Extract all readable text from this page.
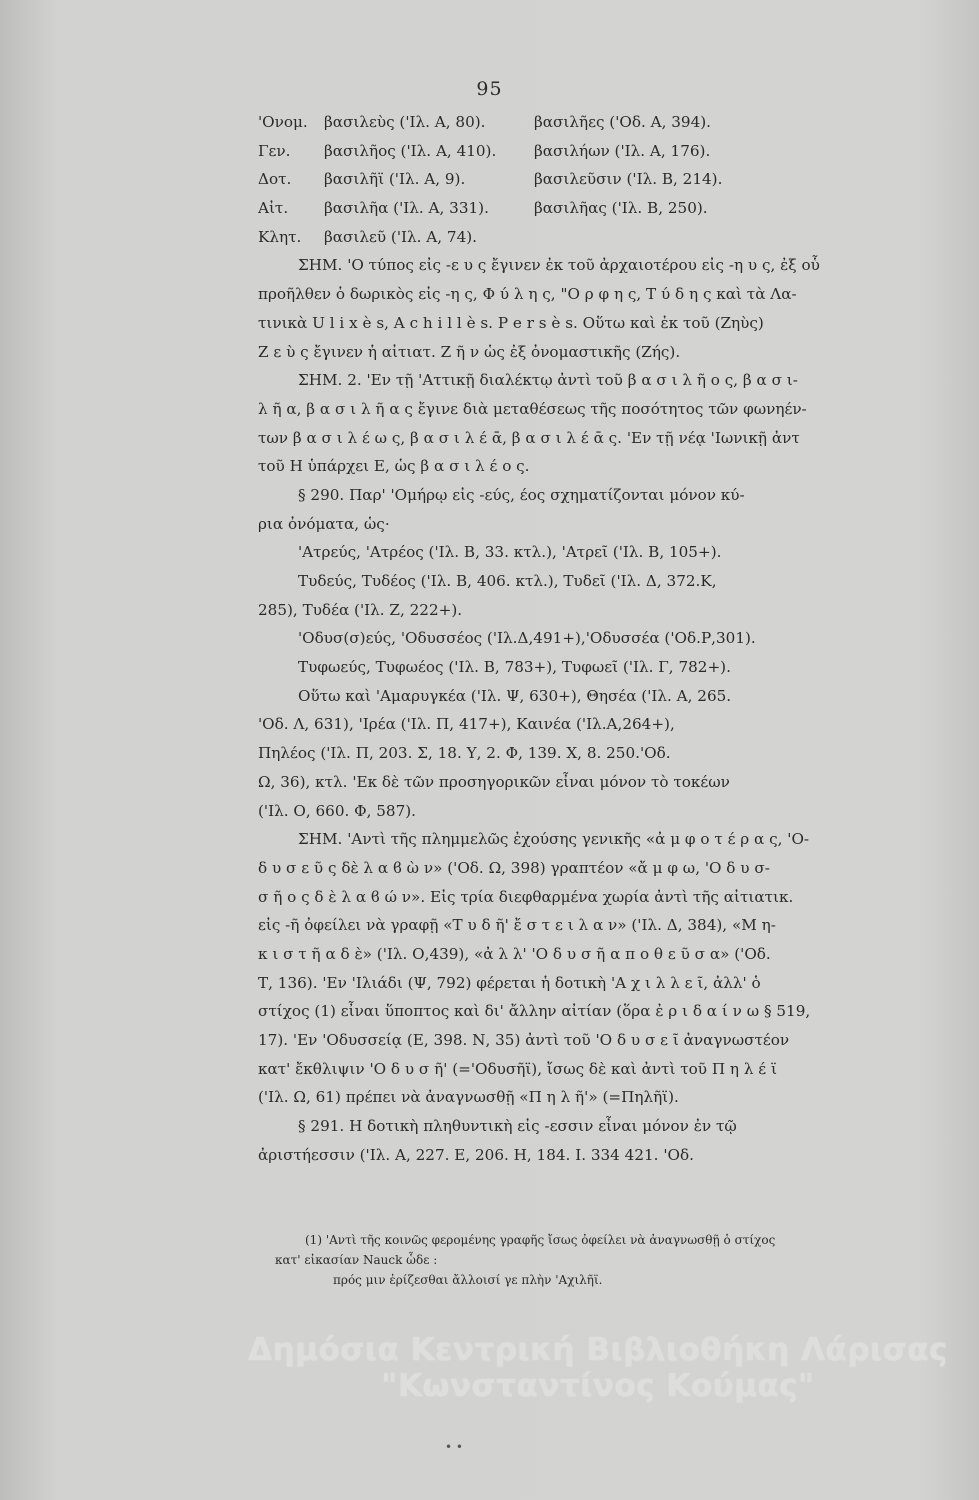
95
'Ονομ.	βασιλεὺς ('Ιλ. Α, 80).	βασιλῆες ('Οδ. Α, 394).
Γεν.	βασιλῆος ('Ιλ. Α, 410).	βασιλήων ('Ιλ. Α, 176).
Δοτ.	βασιλῆϊ ('Ιλ. Α, 9).	βασιλεῦσιν ('Ιλ. Β, 214).
Αἰτ.	βασιλῆα ('Ιλ. Α, 331).	βασιλῆας ('Ιλ. Β, 250).
Κλητ.	βασιλεῦ ('Ιλ. Α, 74).
ΣΗΜ. 'Ο τύπος εἰς -ε υ ς ἔγινεν ἐκ τοῦ ἀρχαιοτέρου εἰς -η υ ς, ἐξ οὗ
προῆλθεν ὁ δωρικὸς εἰς -η ς, Φ ύ λ η ς, "Ο ρ φ η ς, Τ ύ δ η ς καὶ τὰ Λα-
τινικὰ U l i x è s, A c h i l l è s. P e r s è s. Οὕτω καὶ ἐκ τοῦ (Ζηὺς)
Ζ ε ὺ ς ἔγινεν ἡ αἰτιατ. Ζ ῆ ν ὡς ἐξ ὀνομαστικῆς (Ζής).
ΣΗΜ. 2. 'Εν τῇ 'Αττικῇ διαλέκτῳ ἀντὶ τοῦ β α σ ι λ ῆ ο ς, β α σ ι-
λ ῆ α, β α σ ι λ ῆ α ς ἔγινε διὰ μεταθέσεως τῆς ποσότητος τῶν φωνηέν-
των β α σ ι λ έ ω ς, β α σ ι λ έ ᾱ, β α σ ι λ έ ᾱ ς. 'Εν τῇ νέᾳ 'Ιωνικῇ ἀντ
τοῦ Η ὑπάρχει Ε, ὡς β α σ ι λ έ ο ς.
§ 290. Παρ' 'Ομήρῳ εἰς -εύς, έος σχηματίζονται μόνον κύ-
ρια ὀνόματα, ὡς·
'Ατρεύς, 'Ατρέος ('Ιλ. Β, 33. κτλ.), 'Ατρεῖ ('Ιλ. Β, 105+).
Τυδεύς, Τυδέος ('Ιλ. Β, 406. κτλ.), Τυδεῖ ('Ιλ. Δ, 372.Κ,
285), Τυδέα ('Ιλ. Ζ, 222+).
'Οδυσ(σ)εύς, 'Οδυσσέος ('Ιλ.Δ,491+),'Οδυσσέα ('Οδ.Ρ,301).
Τυφωεύς, Τυφωέος ('Ιλ. Β, 783+), Τυφωεῖ ('Ιλ. Γ, 782+).
Οὕτω καὶ 'Αμαρυγκέα ('Ιλ. Ψ, 630+), Θησέα ('Ιλ. Α, 265.
'Οδ. Λ, 631), 'Ιρέα ('Ιλ. Π, 417+), Καινέα ('Ιλ.Α,264+),
Πηλέος ('Ιλ. Π, 203. Σ, 18. Υ, 2. Φ, 139. Χ, 8. 250.'Οδ.
Ω, 36), κτλ. 'Εκ δὲ τῶν προσηγορικῶν εἶναι μόνον τὸ τοκέων
('Ιλ. Ο, 660. Φ, 587).
ΣΗΜ. 'Αντὶ τῆς πλημμελῶς ἐχούσης γενικῆς «ἀ μ φ ο τ έ ρ α ς, 'Ο-
δ υ σ ε ῦ ς δὲ λ α ϐ ὼ ν» ('Οδ. Ω, 398) γραπτέον «ἄ μ φ ω, 'Ο δ υ σ-
σ ῆ ο ς δ ὲ λ α ϐ ώ ν». Εἰς τρία διεφθαρμένα χωρία ἀντὶ τῆς αἰτιατικ.
εἰς -ῆ ὀφείλει νὰ γραφῇ «Τ υ δ ῆ' ἔ σ τ ε ι λ α ν» ('Ιλ. Δ, 384), «Μ η-
κ ι σ τ ῆ α δ ὲ» ('Ιλ. Ο,439), «ἀ λ λ' 'Ο δ υ σ ῆ α π ο θ ε ῦ σ α» ('Οδ.
Τ, 136). 'Εν 'Ιλιάδι (Ψ, 792) φέρεται ἡ δοτικὴ 'Α χ ι λ λ ε ῖ, ἀλλ' ὁ
στίχος (1) εἶναι ὕποπτος καὶ δι' ἄλλην αἰτίαν (ὅρα ἐ ρ ι δ α ί ν ω § 519,
17). 'Εν 'Οδυσσείᾳ (Ε, 398. Ν, 35) ἀντὶ τοῦ 'Ο δ υ σ ε ῖ ἀναγνωστέον
κατ' ἔκθλιψιν 'Ο δ υ σ ῆ' (='Οδυσῆϊ), ἴσως δὲ καὶ ἀντὶ τοῦ Π η λ έ ϊ
('Ιλ. Ω, 61) πρέπει νὰ ἀναγνωσθῇ «Π η λ ῆ'» (=Πηλῆϊ).
§ 291. Η δοτικὴ πληθυντικὴ εἰς -εσσιν εἶναι μόνον ἐν τῷ
ἀριστήεσσιν ('Ιλ. Α, 227. Ε, 206. Η, 184. Ι. 334 421. 'Οδ.
Δημόσια Κεντρική Βιβλιοθήκη Λάρισας
"Κωνσταντίνος Κούμας"
(1) 'Αντὶ τῆς κοινῶς φερομένης γραφῆς ἴσως ὀφείλει νὰ ἀναγνωσθῇ ὁ στίχος
κατ' εἰκασίαν Nauck ὧδε :
πρός μιν ἐρίζεσθαι ἄλλοισί γε πλὴν 'Αχιλῆϊ.
• •
